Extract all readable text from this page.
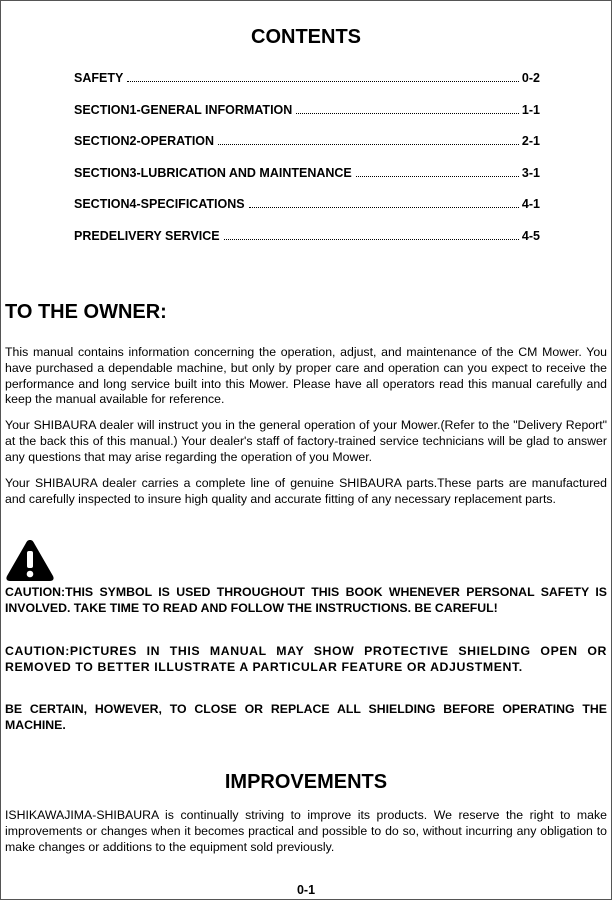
CONTENTS
SAFETY	0-2
SECTION1-GENERAL INFORMATION	1-1
SECTION2-OPERATION	2-1
SECTION3-LUBRICATION AND MAINTENANCE	3-1
SECTION4-SPECIFICATIONS	4-1
PREDELIVERY SERVICE	4-5
TO THE OWNER:
This manual contains information concerning the operation, adjust, and maintenance of the CM Mower. You have purchased a dependable machine, but only by proper care and operation can you expect to receive the performance and long service built into this Mower. Please have all operators read this manual carefully and keep the manual available for reference.
Your SHIBAURA dealer will instruct you in the general operation of your Mower.(Refer to the "Delivery Report" at the back this of this manual.) Your dealer's staff of factory-trained service technicians will be glad to answer any questions that may arise regarding the operation of you Mower.
Your SHIBAURA dealer carries a complete line of genuine SHIBAURA parts.These parts are manufactured and carefully inspected to insure high quality and accurate fitting of any necessary replacement parts.
CAUTION:THIS SYMBOL IS USED THROUGHOUT THIS BOOK WHENEVER PERSONAL SAFETY IS INVOLVED. TAKE TIME TO READ AND FOLLOW THE INSTRUCTIONS. BE CAREFUL!
CAUTION:PICTURES IN THIS MANUAL MAY SHOW PROTECTIVE SHIELDING OPEN OR REMOVED TO BETTER ILLUSTRATE A PARTICULAR FEATURE OR ADJUSTMENT.
BE CERTAIN, HOWEVER, TO CLOSE OR REPLACE ALL SHIELDING BEFORE OPERATING THE MACHINE.
IMPROVEMENTS
ISHIKAWAJIMA-SHIBAURA is continually striving to improve its products. We reserve the right to make improvements or changes when it becomes practical and possible to do so, without incurring any obligation to make changes or additions to the equipment sold previously.
0-1
